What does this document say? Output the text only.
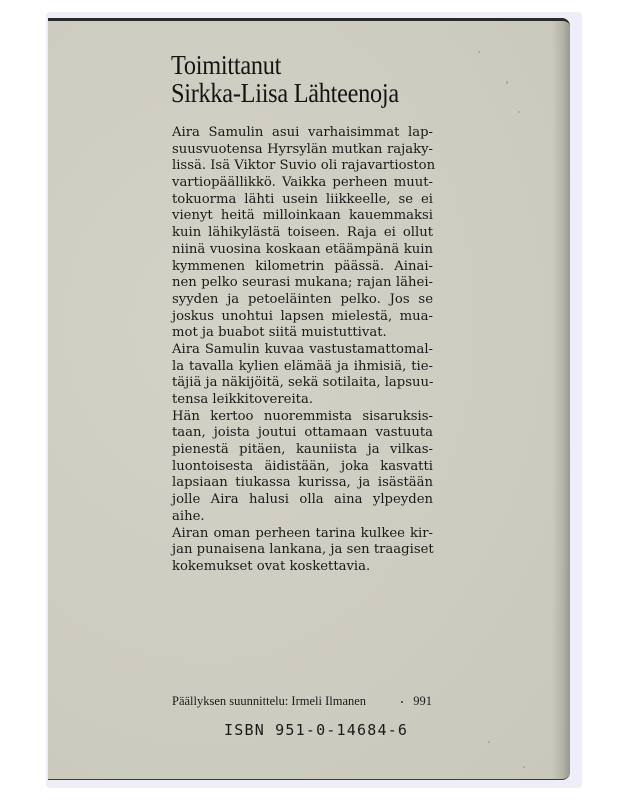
Toimittanut
Sirkka-Liisa Lähteenoja
Aira Samulin asui varhaisimmat lap-
suusvuotensa Hyrsylän mutkan rajaky-
lissä. Isä Viktor Suvio oli rajavartioston
vartiopäällikkö. Vaikka perheen muut-
tokuorma lähti usein liikkeelle, se ei
vienyt heitä milloinkaan kauemmaksi
kuin lähikylästä toiseen. Raja ei ollut
niinä vuosina koskaan etäämpänä kuin
kymmenen kilometrin päässä. Ainai-
nen pelko seurasi mukana; rajan lähei-
syyden ja petoeläinten pelko. Jos se
joskus unohtui lapsen mielestä, mua-
mot ja buabot siitä muistuttivat.
Aira Samulin kuvaa vastustamattomal-
la tavalla kylien elämää ja ihmisiä, tie-
täjiä ja näkijöitä, sekä sotilaita, lapsuu-
tensa leikkitovereita.
Hän kertoo nuoremmista sisaruksis-
taan, joista joutui ottamaan vastuuta
pienestä pitäen, kauniista ja vilkas-
luontoisesta äidistään, joka kasvatti
lapsiaan tiukassa kurissa, ja isästään
jolle Aira halusi olla aina ylpeyden
aihe.
Airan oman perheen tarina kulkee kir-
jan punaisena lankana, ja sen traagiset
kokemukset ovat koskettavia.
Päällyksen suunnittelu: Irmeli Ilmanen	991
ISBN 951-0-14684-6
